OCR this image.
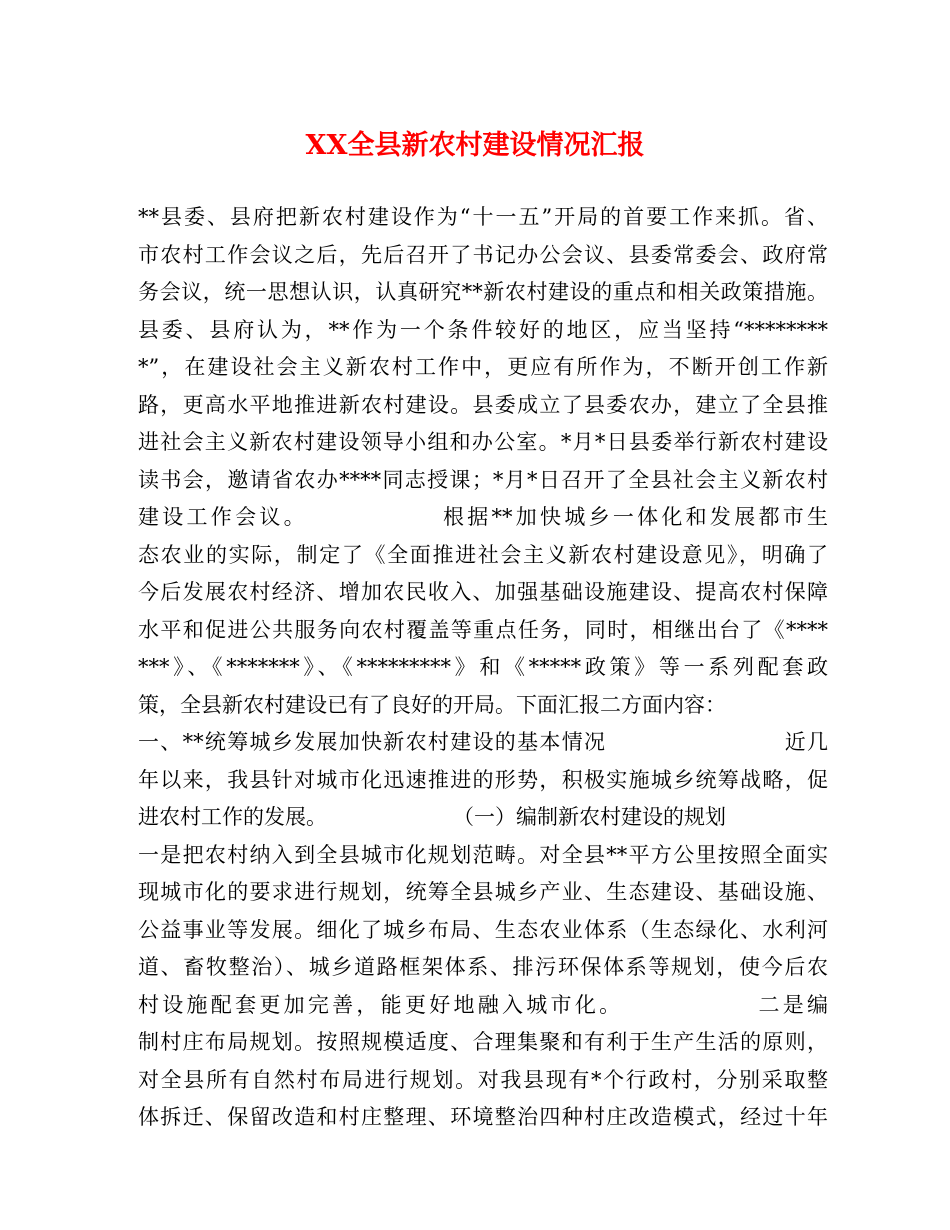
XX全县新农村建设情况汇报
**县委、县府把新农村建设作为“十一五”开局的首要工作来抓。省、
市农村工作会议之后，先后召开了书记办公会议、县委常委会、政府常
务会议，统一思想认识，认真研究**新农村建设的重点和相关政策措施。
县委、县府认为，**作为一个条件较好的地区，应当坚持“********
*”，在建设社会主义新农村工作中，更应有所作为，不断开创工作新
路，更高水平地推进新农村建设。县委成立了县委农办，建立了全县推
进社会主义新农村建设领导小组和办公室。*月*日县委举行新农村建设
读书会，邀请省农办****同志授课；*月*日召开了全县社会主义新农村
建设工作会议。　　　　　　根据**加快城乡一体化和发展都市生
态农业的实际，制定了《全面推进社会主义新农村建设意见》，明确了
今后发展农村经济、增加农民收入、加强基础设施建设、提高农村保障
水平和促进公共服务向农村覆盖等重点任务，同时，相继出台了《****
***》、《*******》、《*********》和《*****政策》等一系列配套政
策，全县新农村建设已有了良好的开局。下面汇报二方面内容：
一、**统筹城乡发展加快新农村建设的基本情况　　　　　　　　近几
年以来，我县针对城市化迅速推进的形势，积极实施城乡统筹战略，促
进农村工作的发展。　　　　　　　（一）编制新农村建设的规划
一是把农村纳入到全县城市化规划范畴。对全县**平方公里按照全面实
现城市化的要求进行规划，统筹全县城乡产业、生态建设、基础设施、
公益事业等发展。细化了城乡布局、生态农业体系（生态绿化、水利河
道、畜牧整治）、城乡道路框架体系、排污环保体系等规划，使今后农
村设施配套更加完善，能更好地融入城市化。　　　　　　二是编
制村庄布局规划。按照规模适度、合理集聚和有利于生产生活的原则，
对全县所有自然村布局进行规划。对我县现有*个行政村，分别采取整
体拆迁、保留改造和村庄整理、环境整治四种村庄改造模式，经过十年
